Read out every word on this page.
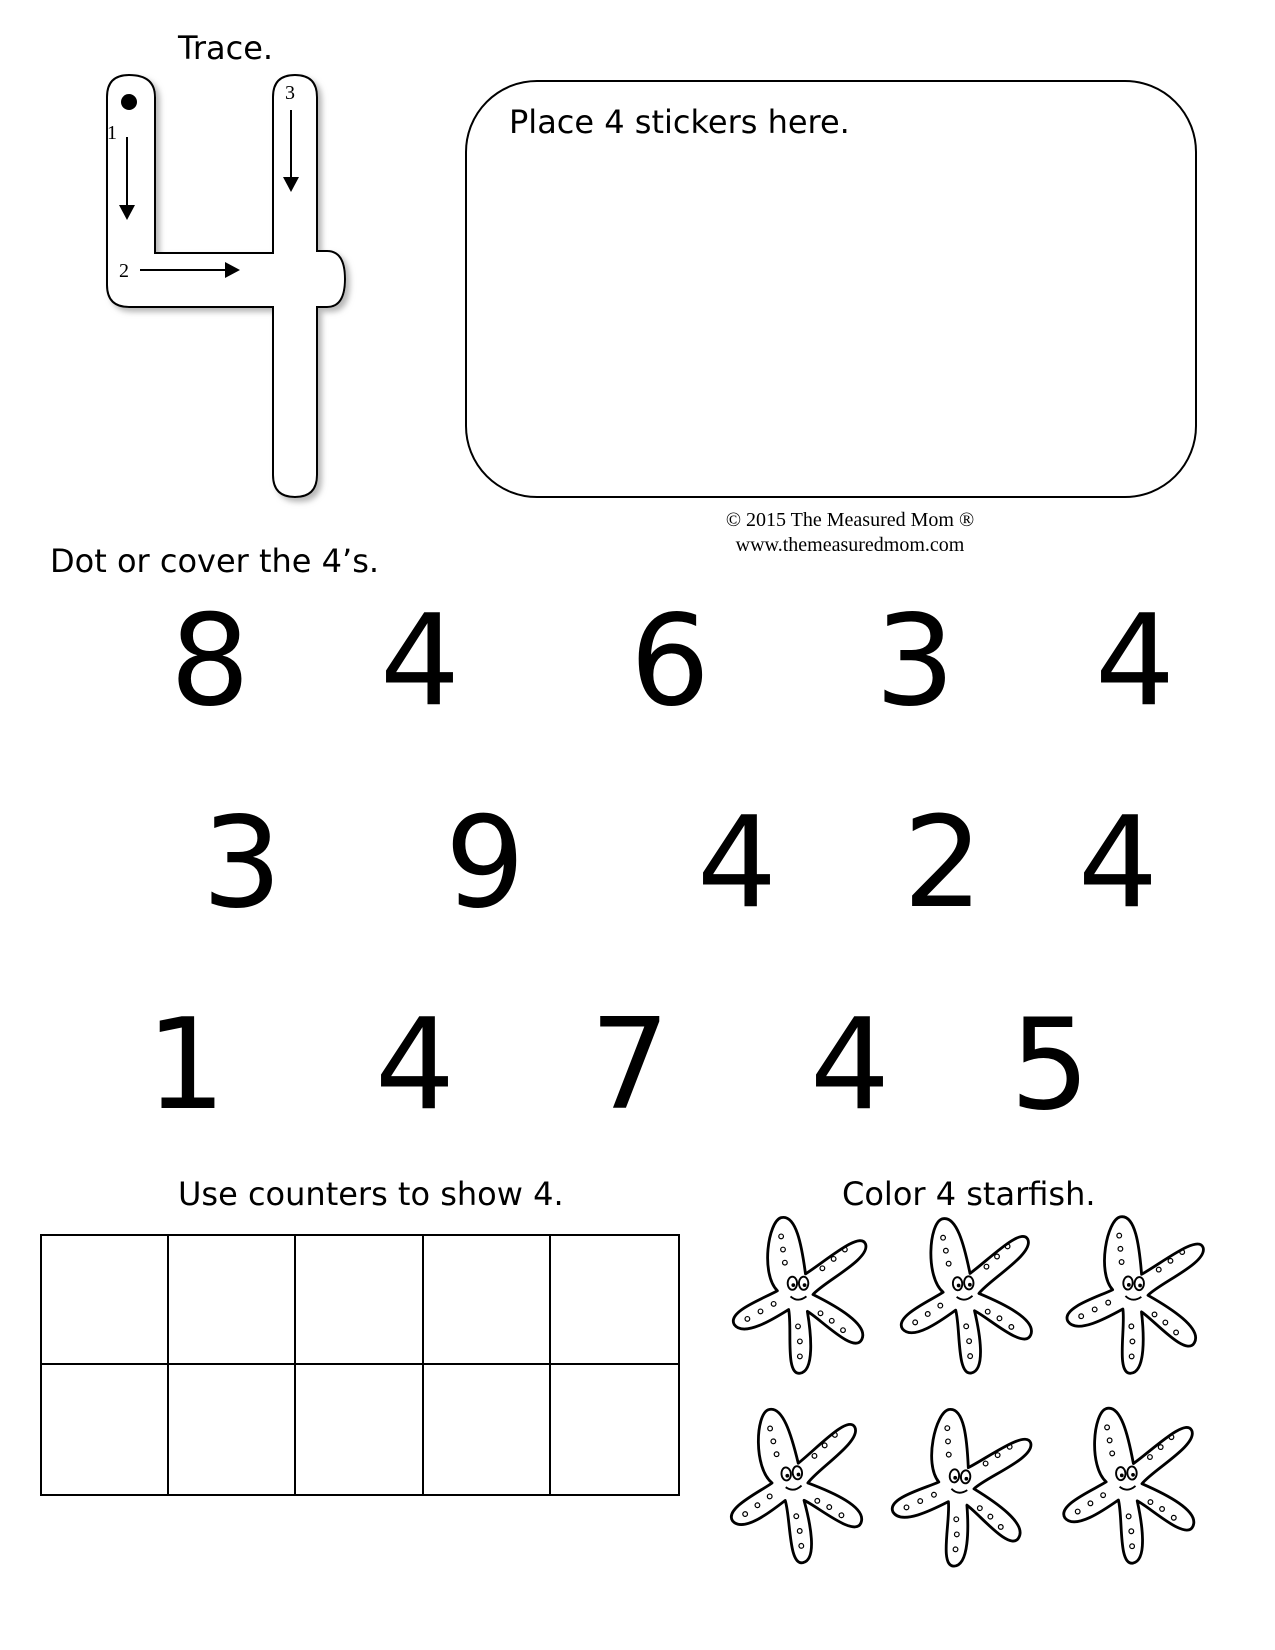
Trace.
1
2
3
Place 4 stickers here.
© 2015 The Measured Mom ®
www.themeasuredmom.com
Dot or cover the 4’s.
8 4 6 3 4
3 9 4 2 4
1 4 7 4 5
Use counters to show 4.	Color 4 starfish.
